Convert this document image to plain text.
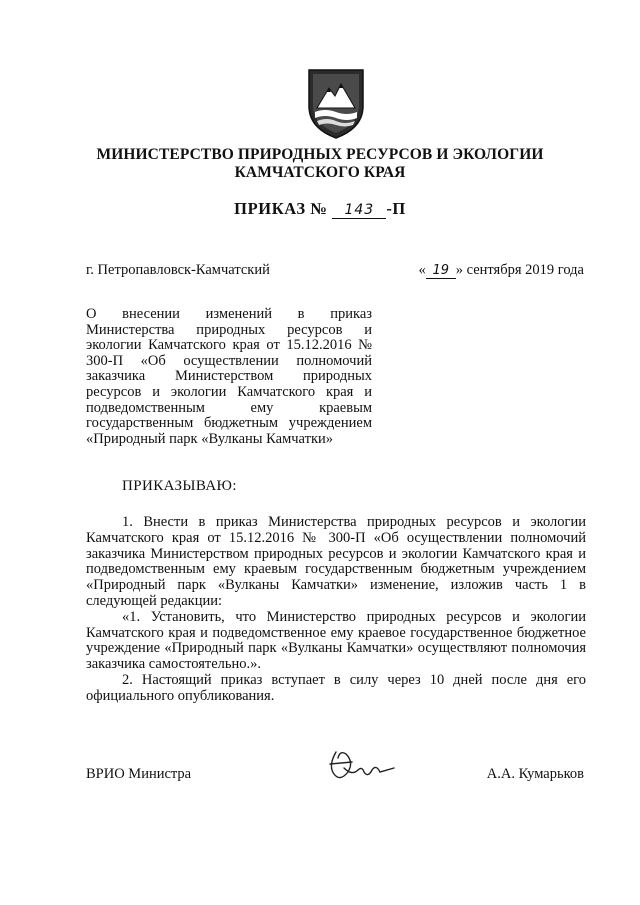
МИНИСТЕРСТВО ПРИРОДНЫХ РЕСУРСОВ И ЭКОЛОГИИ
КАМЧАТСКОГО КРАЯ
ПРИКАЗ № 143 -П
г. Петропавловск-Камчатский	« 19 » сентября 2019 года

О внесении изменений в приказ Министерства природных ресурсов и экологии Камчатского края от 15.12.2016 № 300-П «Об осуществлении полномочий заказчика Министерством природных ресурсов и экологии Камчатского края и подведомственным ему краевым государственным бюджетным учреждением «Природный парк «Вулканы Камчатки»

ПРИКАЗЫВАЮ:

1. Внести в приказ Министерства природных ресурсов и экологии Камчатского края от 15.12.2016 № 300-П «Об осуществлении полномочий заказчика Министерством природных ресурсов и экологии Камчатского края и подведомственным ему краевым государственным бюджетным учреждением «Природный парк «Вулканы Камчатки» изменение, изложив часть 1 в следующей редакции:

«1. Установить, что Министерство природных ресурсов и экологии Камчатского края и подведомственное ему краевое государственное бюджетное учреждение «Природный парк «Вулканы Камчатки» осуществляют полномочия заказчика самостоятельно.».

2. Настоящий приказ вступает в силу через 10 дней после дня его официального опубликования.

ВРИО Министра	А.А. Кумарьков
